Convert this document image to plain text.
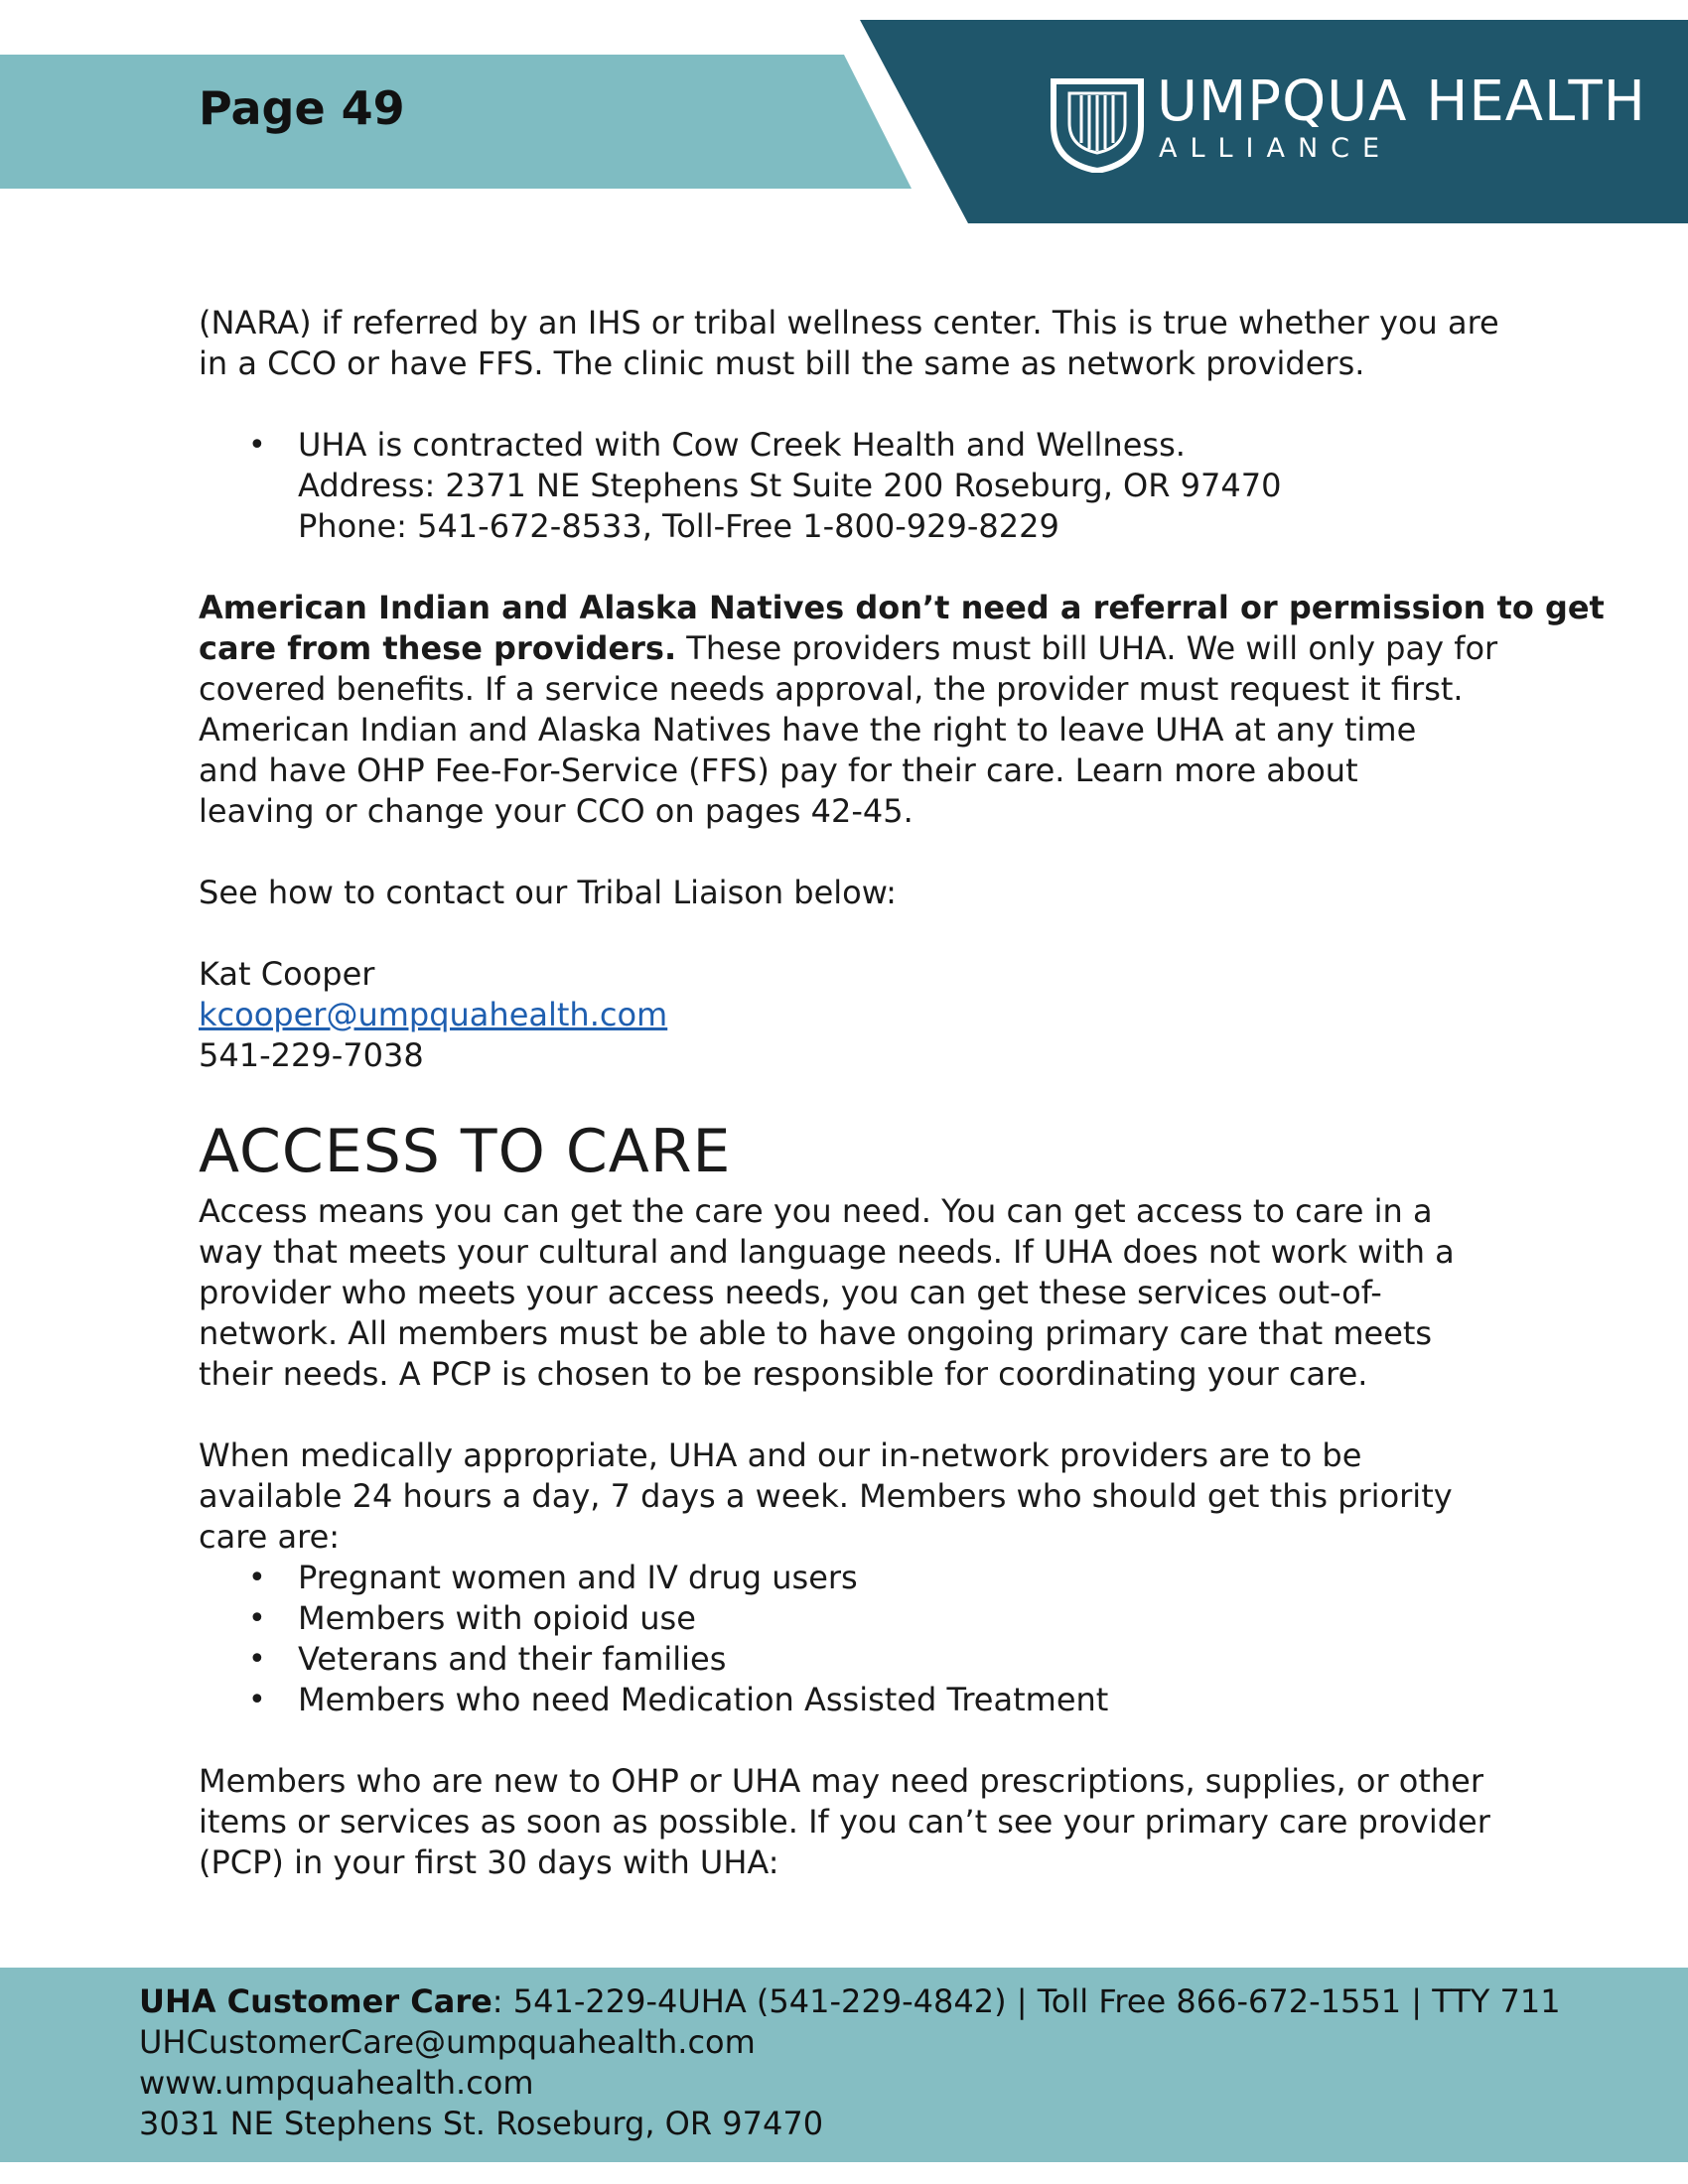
Page 49	UMPQUA HEALTH
ALLIANCE
(NARA) if referred by an IHS or tribal wellness center. This is true whether you are
in a CCO or have FFS. The clinic must bill the same as network providers.
• UHA is contracted with Cow Creek Health and Wellness.
Address: 2371 NE Stephens St Suite 200 Roseburg, OR 97470
Phone: 541-672-8533, Toll-Free 1-800-929-8229
American Indian and Alaska Natives don’t need a referral or permission to get
care from these providers. These providers must bill UHA. We will only pay for
covered benefits. If a service needs approval, the provider must request it first.
American Indian and Alaska Natives have the right to leave UHA at any time
and have OHP Fee-For-Service (FFS) pay for their care. Learn more about
leaving or change your CCO on pages 42-45.
See how to contact our Tribal Liaison below:
Kat Cooper
kcooper@umpquahealth.com
541-229-7038
ACCESS TO CARE
Access means you can get the care you need. You can get access to care in a
way that meets your cultural and language needs. If UHA does not work with a
provider who meets your access needs, you can get these services out-of-
network. All members must be able to have ongoing primary care that meets
their needs. A PCP is chosen to be responsible for coordinating your care.
When medically appropriate, UHA and our in-network providers are to be
available 24 hours a day, 7 days a week. Members who should get this priority
care are:
• Pregnant women and IV drug users
• Members with opioid use
• Veterans and their families
• Members who need Medication Assisted Treatment
Members who are new to OHP or UHA may need prescriptions, supplies, or other
items or services as soon as possible. If you can’t see your primary care provider
(PCP) in your first 30 days with UHA:
UHA Customer Care: 541-229-4UHA (541-229-4842) | Toll Free 866-672-1551 | TTY 711
UHCustomerCare@umpquahealth.com
www.umpquahealth.com
3031 NE Stephens St. Roseburg, OR 97470
